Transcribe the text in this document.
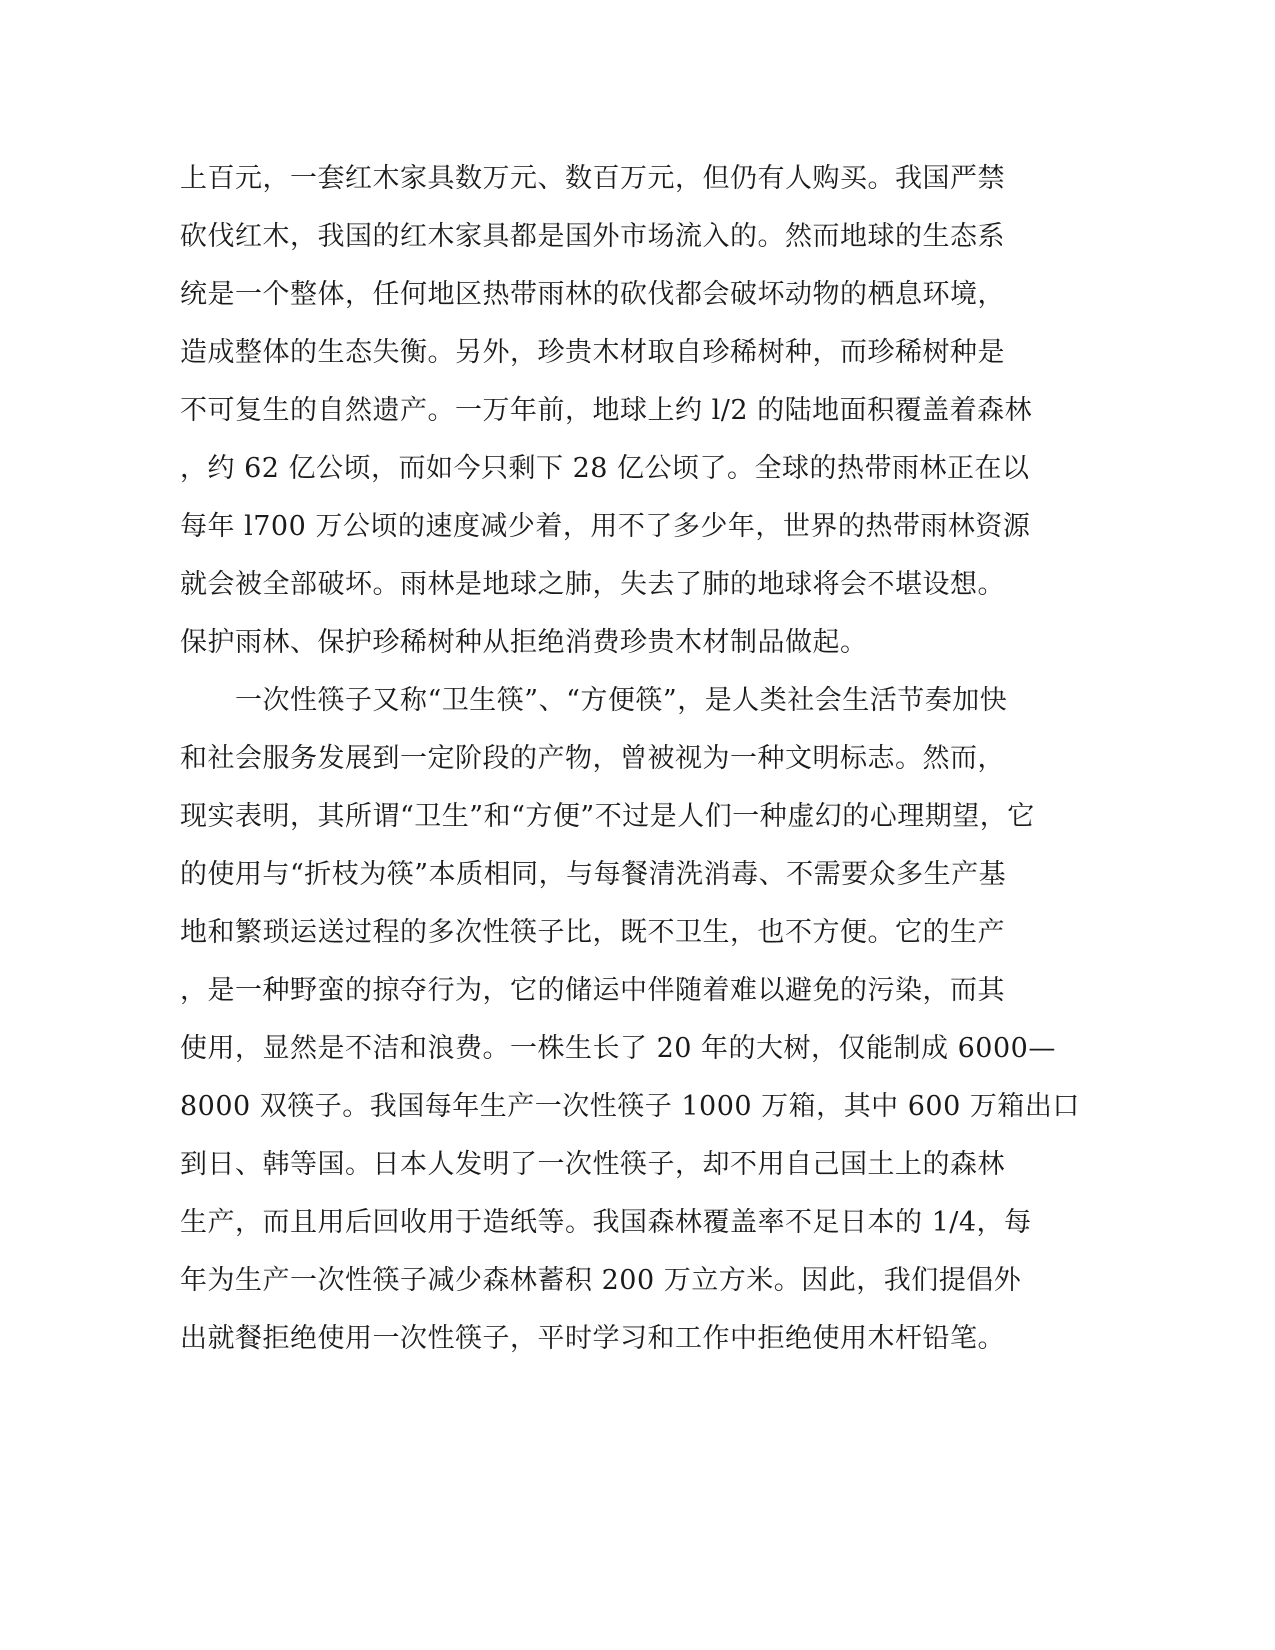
上百元，一套红木家具数万元、数百万元，但仍有人购买。我国严禁
砍伐红木，我国的红木家具都是国外市场流入的。然而地球的生态系
统是一个整体，任何地区热带雨林的砍伐都会破坏动物的栖息环境，
造成整体的生态失衡。另外，珍贵木材取自珍稀树种，而珍稀树种是
不可复生的自然遗产。一万年前，地球上约 l/2 的陆地面积覆盖着森林
，约 62 亿公顷，而如今只剩下 28 亿公顷了。全球的热带雨林正在以
每年 l700 万公顷的速度减少着，用不了多少年，世界的热带雨林资源
就会被全部破坏。雨林是地球之肺，失去了肺的地球将会不堪设想。
保护雨林、保护珍稀树种从拒绝消费珍贵木材制品做起。
　　一次性筷子又称“卫生筷”、“方便筷”，是人类社会生活节奏加快
和社会服务发展到一定阶段的产物，曾被视为一种文明标志。然而，
现实表明，其所谓“卫生”和“方便”不过是人们一种虚幻的心理期望，它
的使用与“折枝为筷”本质相同，与每餐清洗消毒、不需要众多生产基
地和繁琐运送过程的多次性筷子比，既不卫生，也不方便。它的生产
，是一种野蛮的掠夺行为，它的储运中伴随着难以避免的污染，而其
使用，显然是不洁和浪费。一株生长了 20 年的大树，仅能制成 6000—
8000 双筷子。我国每年生产一次性筷子 1000 万箱，其中 600 万箱出口
到日、韩等国。日本人发明了一次性筷子，却不用自己国土上的森林
生产，而且用后回收用于造纸等。我国森林覆盖率不足日本的 1/4，每
年为生产一次性筷子减少森林蓄积 200 万立方米。因此，我们提倡外
出就餐拒绝使用一次性筷子，平时学习和工作中拒绝使用木杆铅笔。
